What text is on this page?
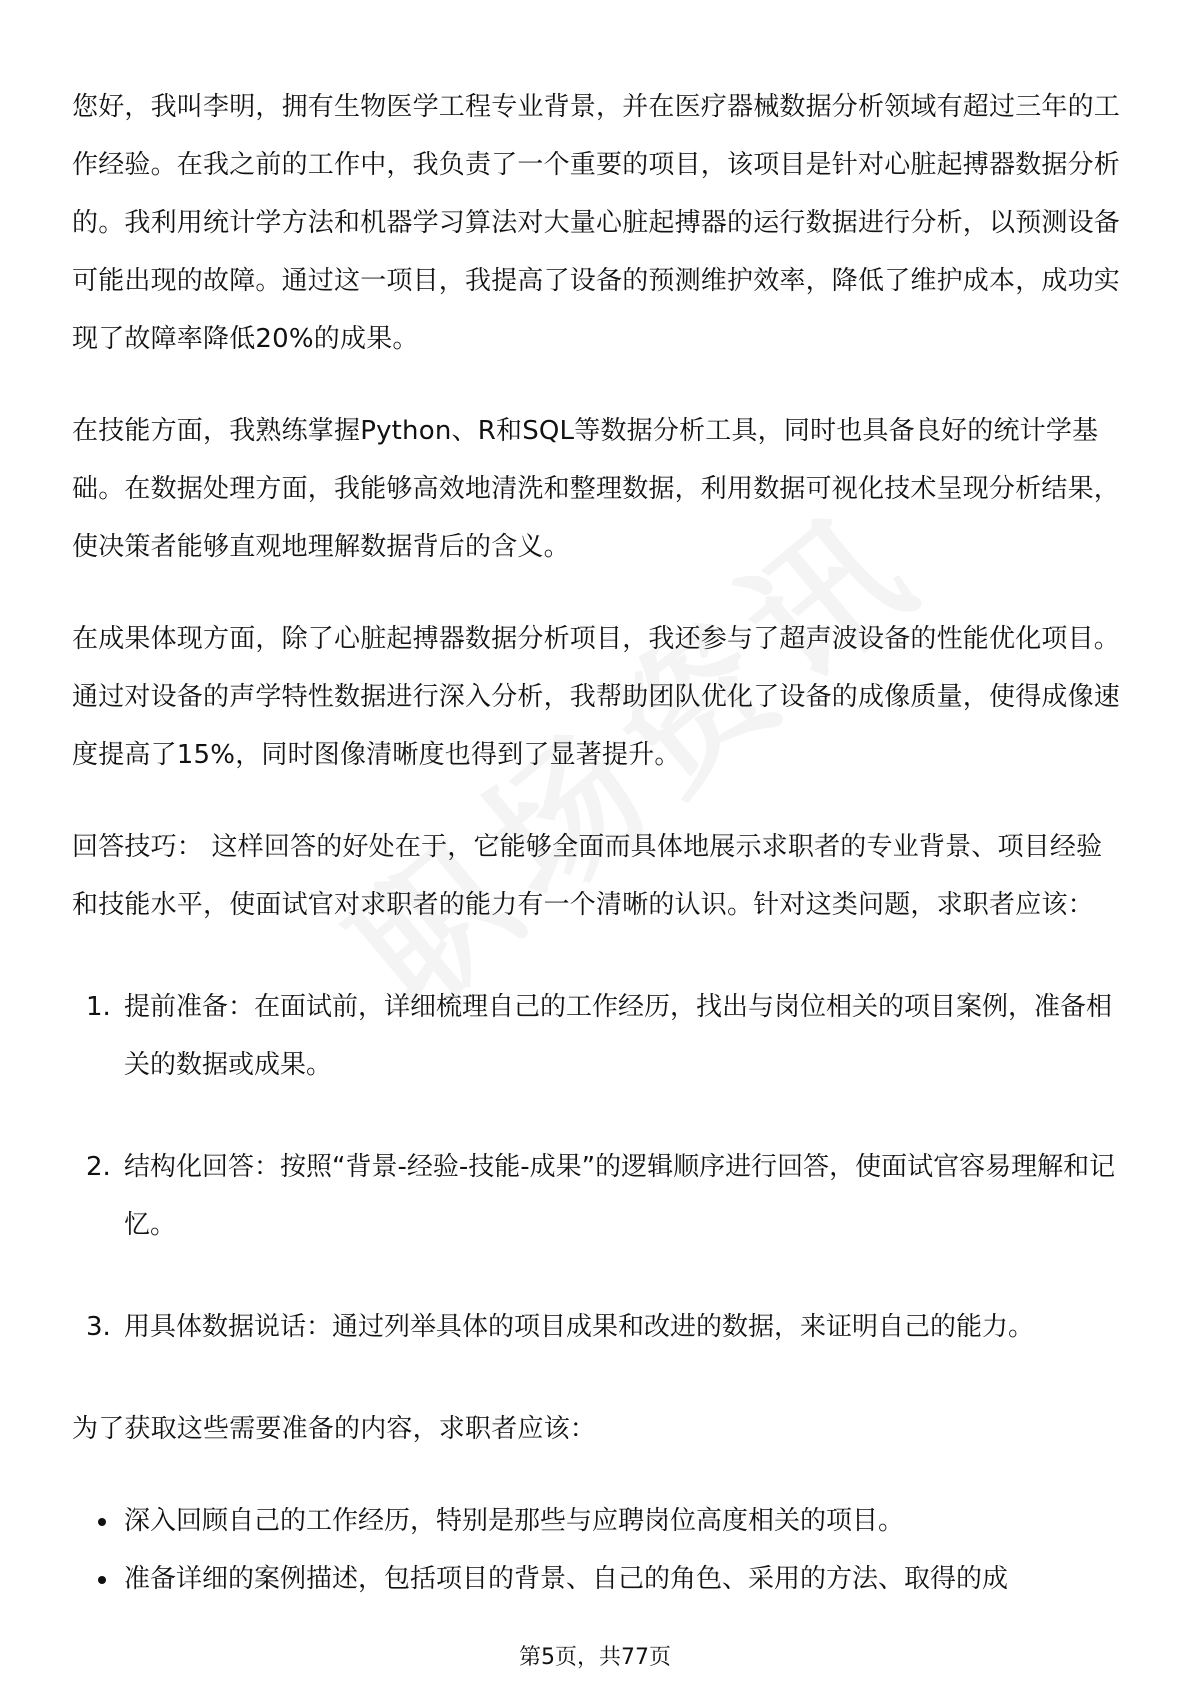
您好，我叫李明，拥有生物医学工程专业背景，并在医疗器械数据分析领域有超过三年的工作经验。在我之前的工作中，我负责了一个重要的项目，该项目是针对心脏起搏器数据分析的。我利用统计学方法和机器学习算法对大量心脏起搏器的运行数据进行分析，以预测设备可能出现的故障。通过这一项目，我提高了设备的预测维护效率，降低了维护成本，成功实现了故障率降低20%的成果。

在技能方面，我熟练掌握Python、R和SQL等数据分析工具，同时也具备良好的统计学基础。在数据处理方面，我能够高效地清洗和整理数据，利用数据可视化技术呈现分析结果，使决策者能够直观地理解数据背后的含义。

在成果体现方面，除了心脏起搏器数据分析项目，我还参与了超声波设备的性能优化项目。通过对设备的声学特性数据进行深入分析，我帮助团队优化了设备的成像质量，使得成像速度提高了15%，同时图像清晰度也得到了显著提升。

回答技巧： 这样回答的好处在于，它能够全面而具体地展示求职者的专业背景、项目经验和技能水平，使面试官对求职者的能力有一个清晰的认识。针对这类问题，求职者应该：

1. 提前准备：在面试前，详细梳理自己的工作经历，找出与岗位相关的项目案例，准备相关的数据或成果。
2. 结构化回答：按照“背景-经验-技能-成果”的逻辑顺序进行回答，使面试官容易理解和记忆。
3. 用具体数据说话：通过列举具体的项目成果和改进的数据，来证明自己的能力。

为了获取这些需要准备的内容，求职者应该：

深入回顾自己的工作经历，特别是那些与应聘岗位高度相关的项目。
准备详细的案例描述，包括项目的背景、自己的角色、采用的方法、取得的成
第5页，共77页
